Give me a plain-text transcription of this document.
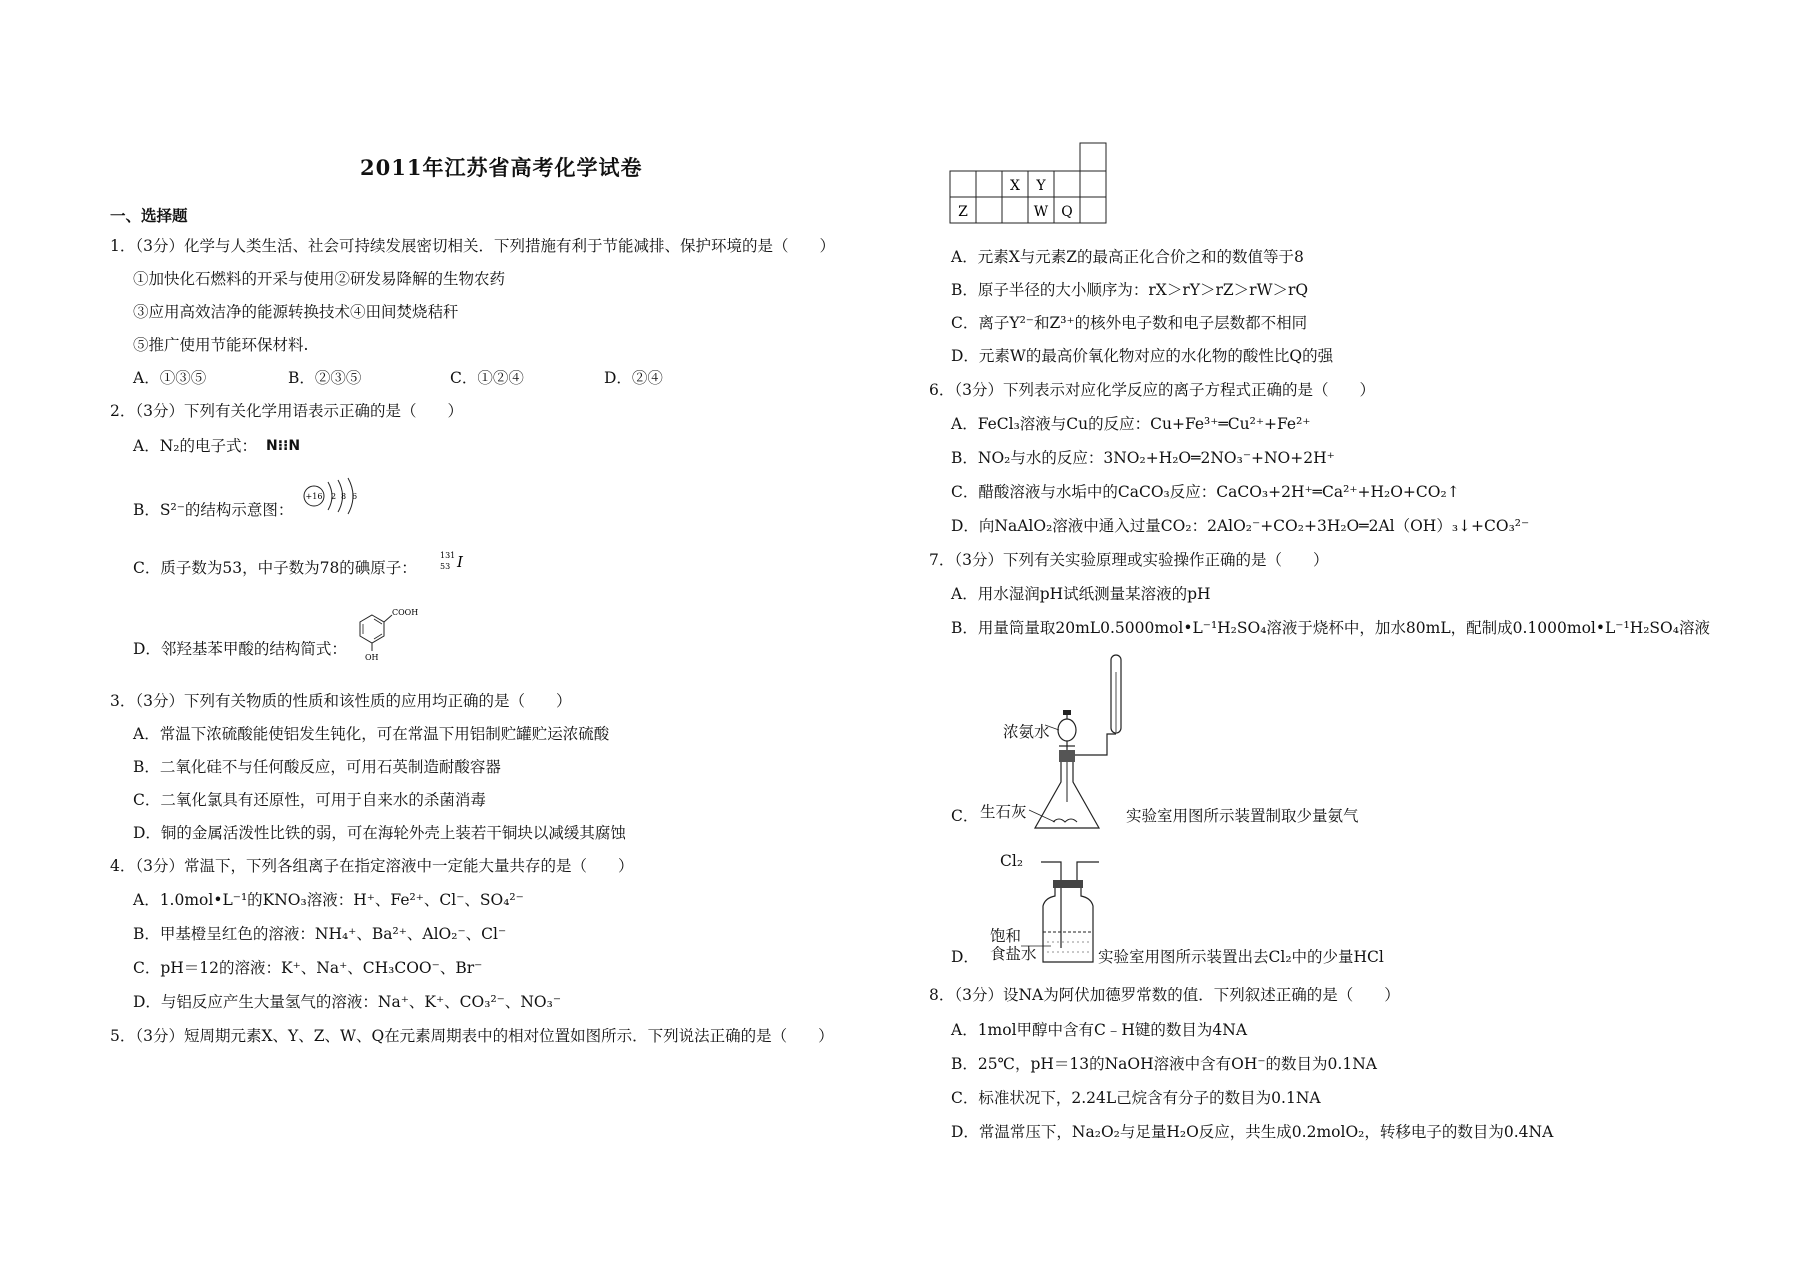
2011年江苏省高考化学试卷
一、选择题
1．（3分）化学与人类生活、社会可持续发展密切相关．下列措施有利于节能减排、保护环境的是（　　）
①加快化石燃料的开采与使用②研发易降解的生物农药
③应用高效洁净的能源转换技术④田间焚烧秸秆
⑤推广使用节能环保材料.
A．①③⑤	B．②③⑤	C．①②④	D．②④
2．（3分）下列有关化学用语表示正确的是（　　）
A．N₂的电子式： N⁝⁝N
B．S²⁻的结构示意图：
+16 2 8 6
C．质子数为53，中子数为78的碘原子：
131
53 I
D．邻羟基苯甲酸的结构简式：
COOH
OH
3．（3分）下列有关物质的性质和该性质的应用均正确的是（　　）
A．常温下浓硫酸能使铝发生钝化，可在常温下用铝制贮罐贮运浓硫酸
B．二氧化硅不与任何酸反应，可用石英制造耐酸容器
C．二氧化氯具有还原性，可用于自来水的杀菌消毒
D．铜的金属活泼性比铁的弱，可在海轮外壳上装若干铜块以减缓其腐蚀
4．（3分）常温下，下列各组离子在指定溶液中一定能大量共存的是（　　）
A．1.0mol•L⁻¹的KNO₃溶液：H⁺、Fe²⁺、Cl⁻、SO₄²⁻
B．甲基橙呈红色的溶液：NH₄⁺、Ba²⁺、AlO₂⁻、Cl⁻
C．pH＝12的溶液：K⁺、Na⁺、CH₃COO⁻、Br⁻
D．与铝反应产生大量氢气的溶液：Na⁺、K⁺、CO₃²⁻、NO₃⁻
5．（3分）短周期元素X、Y、Z、W、Q在元素周期表中的相对位置如图所示．下列说法正确的是（　　）
X Y
Z	W Q
A．元素X与元素Z的最高正化合价之和的数值等于8
B．原子半径的大小顺序为：rX＞rY＞rZ＞rW＞rQ
C．离子Y²⁻和Z³⁺的核外电子数和电子层数都不相同
D．元素W的最高价氧化物对应的水化物的酸性比Q的强
6．（3分）下列表示对应化学反应的离子方程式正确的是（　　）
A．FeCl₃溶液与Cu的反应：Cu+Fe³⁺═Cu²⁺+Fe²⁺
B．NO₂与水的反应：3NO₂+H₂O═2NO₃⁻+NO+2H⁺
C．醋酸溶液与水垢中的CaCO₃反应：CaCO₃+2H⁺═Ca²⁺+H₂O+CO₂↑
D．向NaAlO₂溶液中通入过量CO₂：2AlO₂⁻+CO₂+3H₂O═2Al（OH）₃↓+CO₃²⁻
7．（3分）下列有关实验原理或实验操作正确的是（　　）
A．用水湿润pH试纸测量某溶液的pH
B．用量筒量取20mL0.5000mol•L⁻¹H₂SO₄溶液于烧杯中，加水80mL，配制成0.1000mol•L⁻¹H₂SO₄溶液
C．
浓氨水
生石灰	实验室用图所示装置制取少量氨气
D．
Cl₂
饱和
食盐水	实验室用图所示装置出去Cl₂中的少量HCl
8．（3分）设NA为阿伏加德罗常数的值．下列叙述正确的是（　　）
A．1mol甲醇中含有C﹣H键的数目为4NA
B．25℃，pH＝13的NaOH溶液中含有OH⁻的数目为0.1NA
C．标准状况下，2.24L己烷含有分子的数目为0.1NA
D．常温常压下，Na₂O₂与足量H₂O反应，共生成0.2molO₂，转移电子的数目为0.4NA
